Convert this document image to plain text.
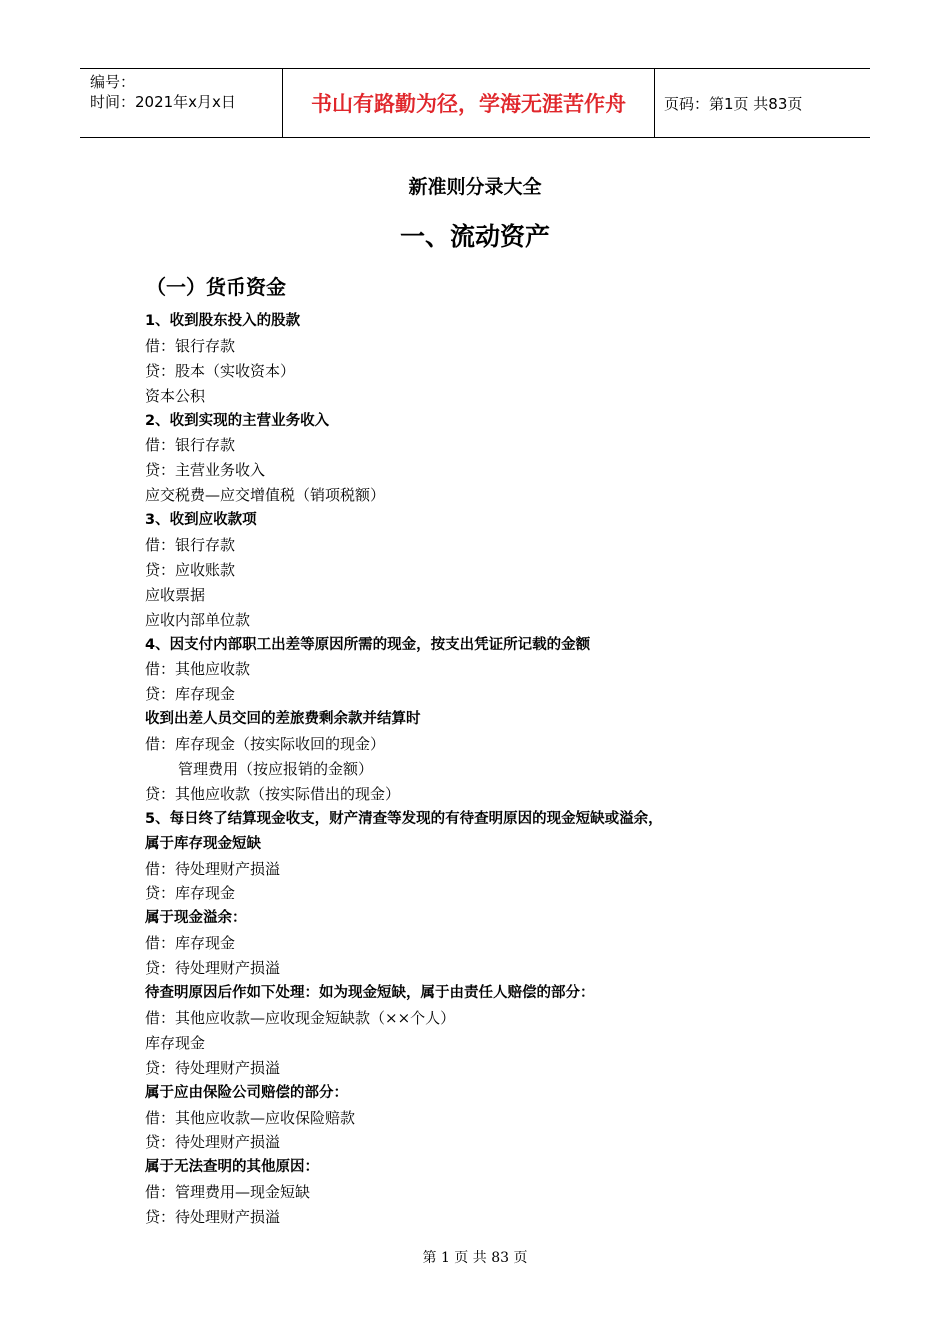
编号：
时间：2021年x月x日	书山有路勤为径，学海无涯苦作舟	页码：第1页 共83页
新准则分录大全
一、流动资产
（一）货币资金
1、收到股东投入的股款
借：银行存款
贷：股本（实收资本）
资本公积
2、收到实现的主营业务收入
借：银行存款
贷：主营业务收入
应交税费—应交增值税（销项税额）
3、收到应收款项
借：银行存款
贷：应收账款
应收票据
应收内部单位款
4、因支付内部职工出差等原因所需的现金，按支出凭证所记载的金额
借：其他应收款
贷：库存现金
收到出差人员交回的差旅费剩余款并结算时
借：库存现金（按实际收回的现金）
管理费用（按应报销的金额）
贷：其他应收款（按实际借出的现金）
5、每日终了结算现金收支，财产清查等发现的有待查明原因的现金短缺或溢余，
属于库存现金短缺
借：待处理财产损溢
贷：库存现金
属于现金溢余：
借：库存现金
贷：待处理财产损溢
待查明原因后作如下处理：如为现金短缺，属于由责任人赔偿的部分：
借：其他应收款—应收现金短缺款（××个人）
库存现金
贷：待处理财产损溢
属于应由保险公司赔偿的部分：
借：其他应收款—应收保险赔款
贷：待处理财产损溢
属于无法查明的其他原因：
借：管理费用—现金短缺
贷：待处理财产损溢
第 1 页 共 83 页
